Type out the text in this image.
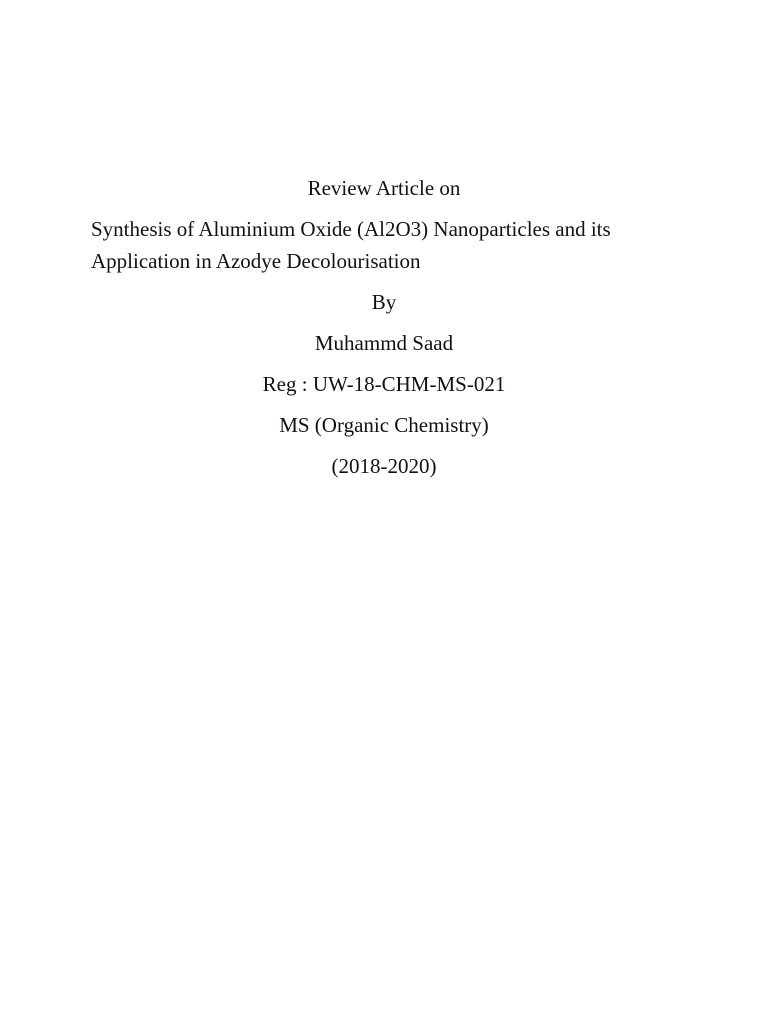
Review Article on
Synthesis of Aluminium Oxide (Al2O3) Nanoparticles and its Application in Azodye Decolourisation
By
Muhammd Saad
Reg : UW-18-CHM-MS-021
MS (Organic Chemistry)
(2018-2020)
